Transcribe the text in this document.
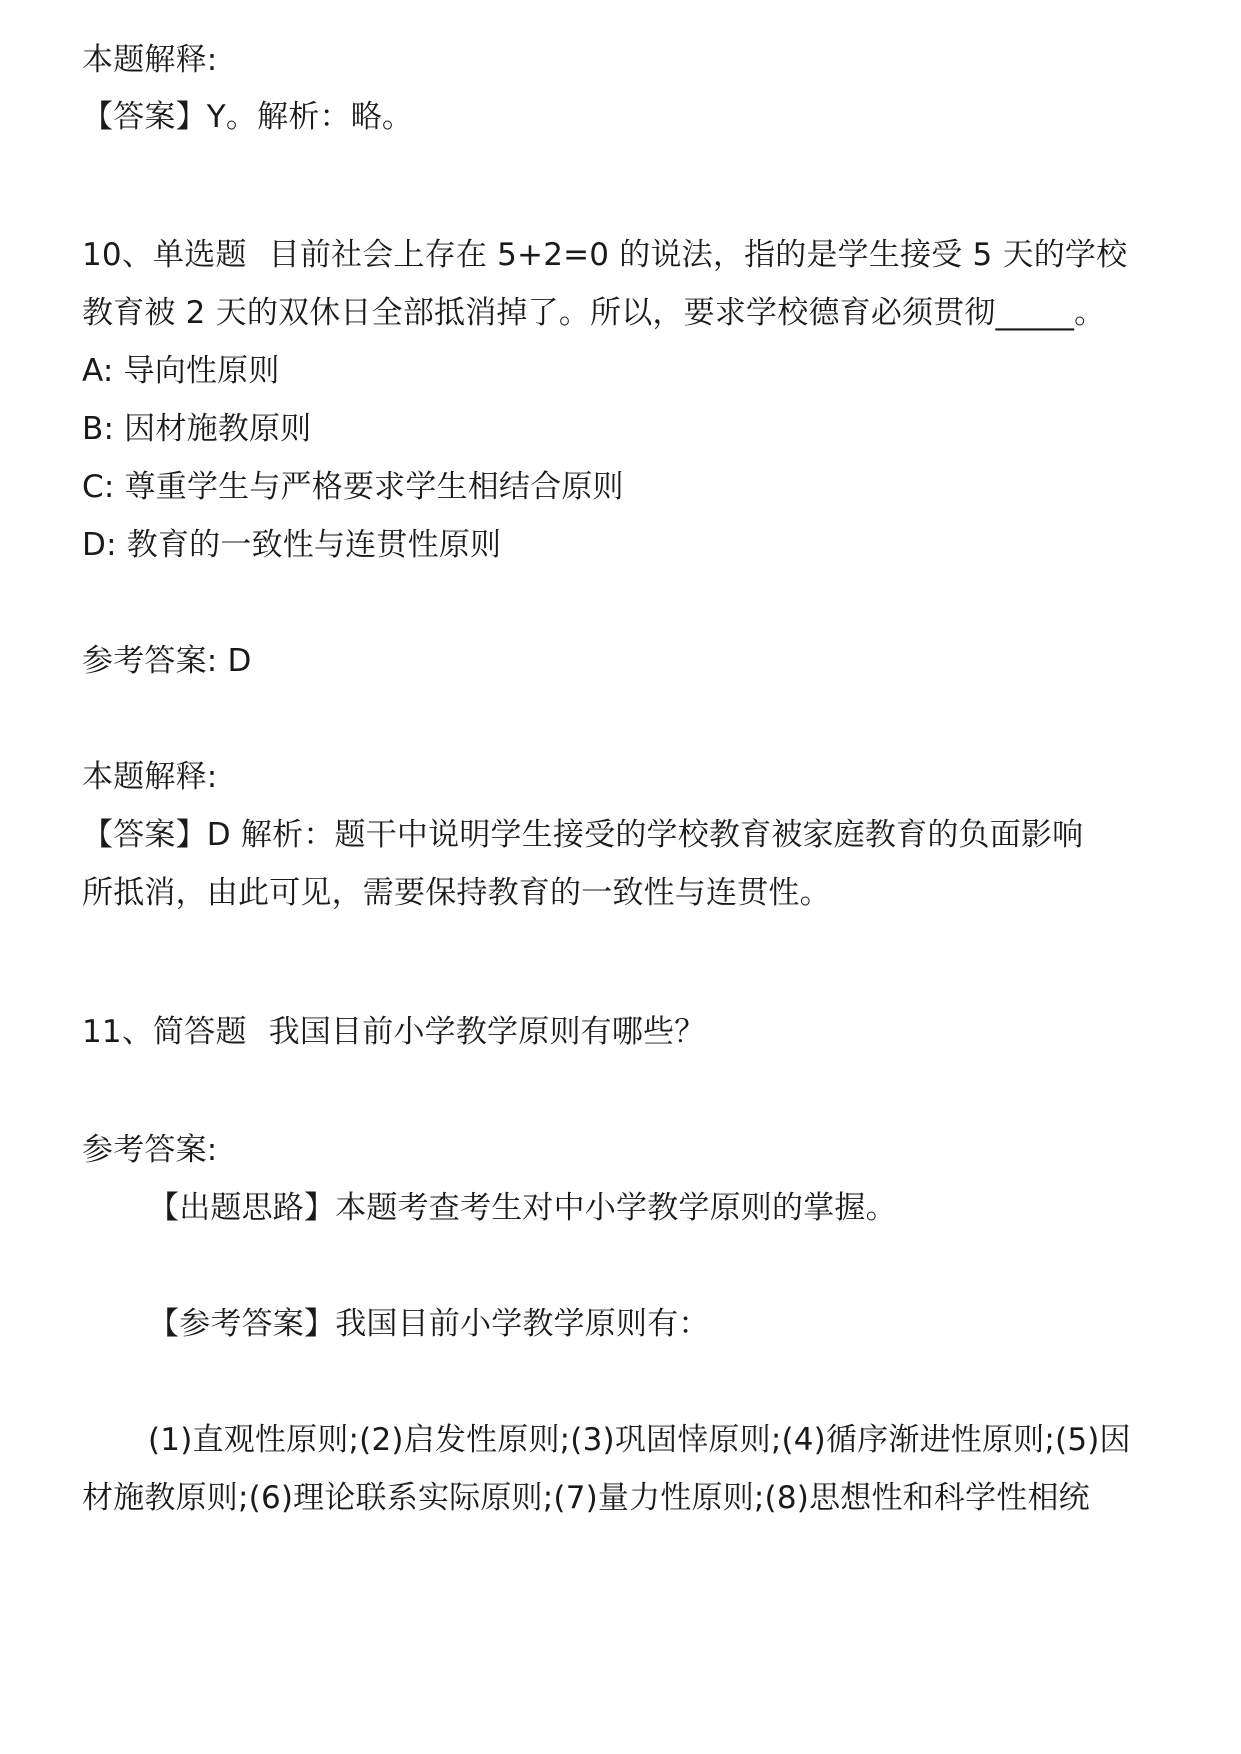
本题解释:
【答案】Y。解析：略。
10、单选题 目前社会上存在 5+2=0 的说法，指的是学生接受 5 天的学校
教育被 2 天的双休日全部抵消掉了。所以，要求学校德育必须贯彻_____。
A: 导向性原则
B: 因材施教原则
C: 尊重学生与严格要求学生相结合原则
D: 教育的一致性与连贯性原则
参考答案: D
本题解释:
【答案】D 解析：题干中说明学生接受的学校教育被家庭教育的负面影响
所抵消，由此可见，需要保持教育的一致性与连贯性。
11、简答题 我国目前小学教学原则有哪些？
参考答案:
【出题思路】本题考查考生对中小学教学原则的掌握。
【参考答案】我国目前小学教学原则有：
(1)直观性原则;(2)启发性原则;(3)巩固悻原则;(4)循序渐进性原则;(5)因
材施教原则;(6)理论联系实际原则;(7)量力性原则;(8)思想性和科学性相统
